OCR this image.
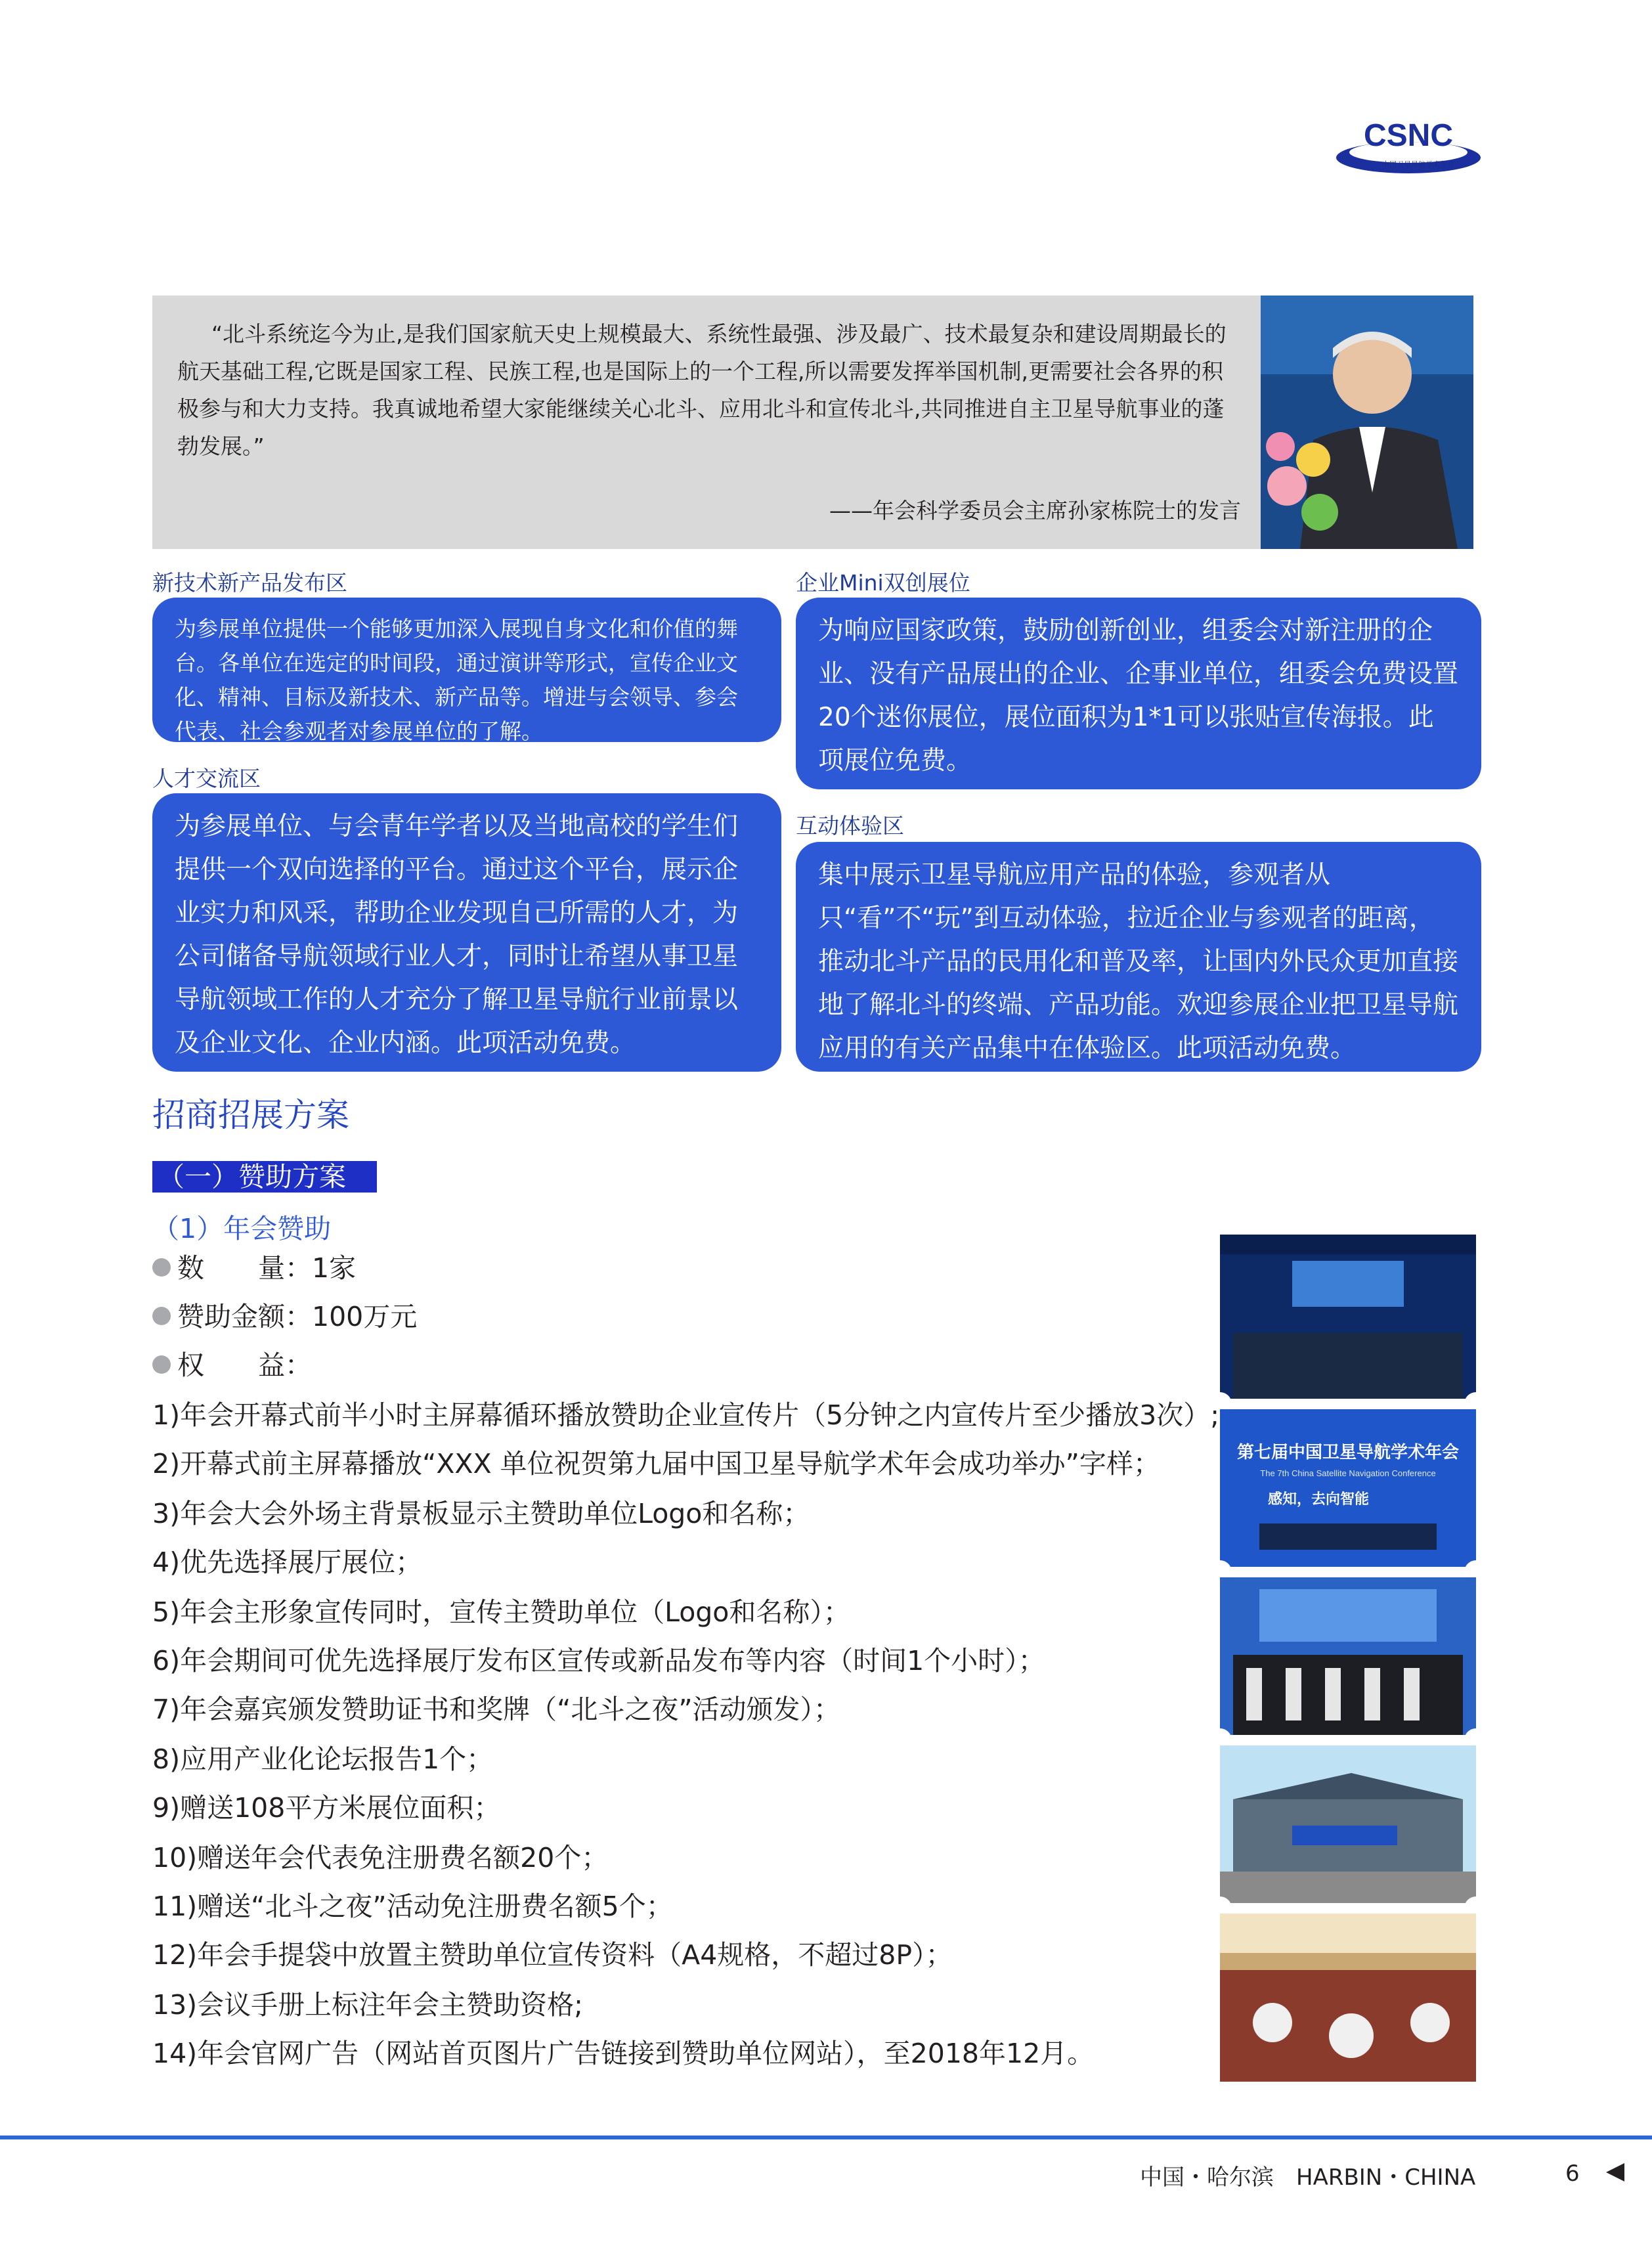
CSNC
中国卫星导航学术年会
“北斗系统迄今为止,是我们国家航天史上规模最大、系统性最强、涉及最广、技术最复杂和建设周期最长的航天基础工程,它既是国家工程、民族工程,也是国际上的一个工程,所以需要发挥举国机制,更需要社会各界的积极参与和大力支持。我真诚地希望大家能继续关心北斗、应用北斗和宣传北斗,共同推进自主卫星导航事业的蓬勃发展。”
——年会科学委员会主席孙家栋院士的发言
新技术新产品发布区
为参展单位提供一个能够更加深入展现自身文化和价值的舞台。各单位在选定的时间段，通过演讲等形式，宣传企业文化、精神、目标及新技术、新产品等。增进与会领导、参会代表、社会参观者对参展单位的了解。
企业Mini双创展位
为响应国家政策，鼓励创新创业，组委会对新注册的企业、没有产品展出的企业、企事业单位，组委会免费设置20个迷你展位，展位面积为1*1可以张贴宣传海报。此项展位免费。
人才交流区
为参展单位、与会青年学者以及当地高校的学生们提供一个双向选择的平台。通过这个平台，展示企业实力和风采，帮助企业发现自己所需的人才，为公司储备导航领域行业人才，同时让希望从事卫星导航领域工作的人才充分了解卫星导航行业前景以及企业文化、企业内涵。此项活动免费。
互动体验区
集中展示卫星导航应用产品的体验，参观者从只“看”不“玩”到互动体验，拉近企业与参观者的距离，推动北斗产品的民用化和普及率，让国内外民众更加直接地了解北斗的终端、产品功能。欢迎参展企业把卫星导航应用的有关产品集中在体验区。此项活动免费。
招商招展方案
（一）赞助方案
（1）年会赞助
数　　量：1家
赞助金额：100万元
权　　益：
1)年会开幕式前半小时主屏幕循环播放赞助企业宣传片（5分钟之内宣传片至少播放3次）;
2)开幕式前主屏幕播放“XXX 单位祝贺第九届中国卫星导航学术年会成功举办”字样；
3)年会大会外场主背景板显示主赞助单位Logo和名称；
4)优先选择展厅展位；
5)年会主形象宣传同时，宣传主赞助单位（Logo和名称）；
6)年会期间可优先选择展厅发布区宣传或新品发布等内容（时间1个小时）；
7)年会嘉宾颁发赞助证书和奖牌（“北斗之夜”活动颁发）；
8)应用产业化论坛报告1个；
9)赠送108平方米展位面积；
10)赠送年会代表免注册费名额20个；
11)赠送“北斗之夜”活动免注册费名额5个；
12)年会手提袋中放置主赞助单位宣传资料（A4规格，不超过8P）；
13)会议手册上标注年会主赞助资格;
14)年会官网广告（网站首页图片广告链接到赞助单位网站），至2018年12月。
第七届中国卫星导航学术年会
The 7th China Satellite Navigation Conference
感知，去向智能
中国・哈尔滨　HARBIN・CHINA	6
